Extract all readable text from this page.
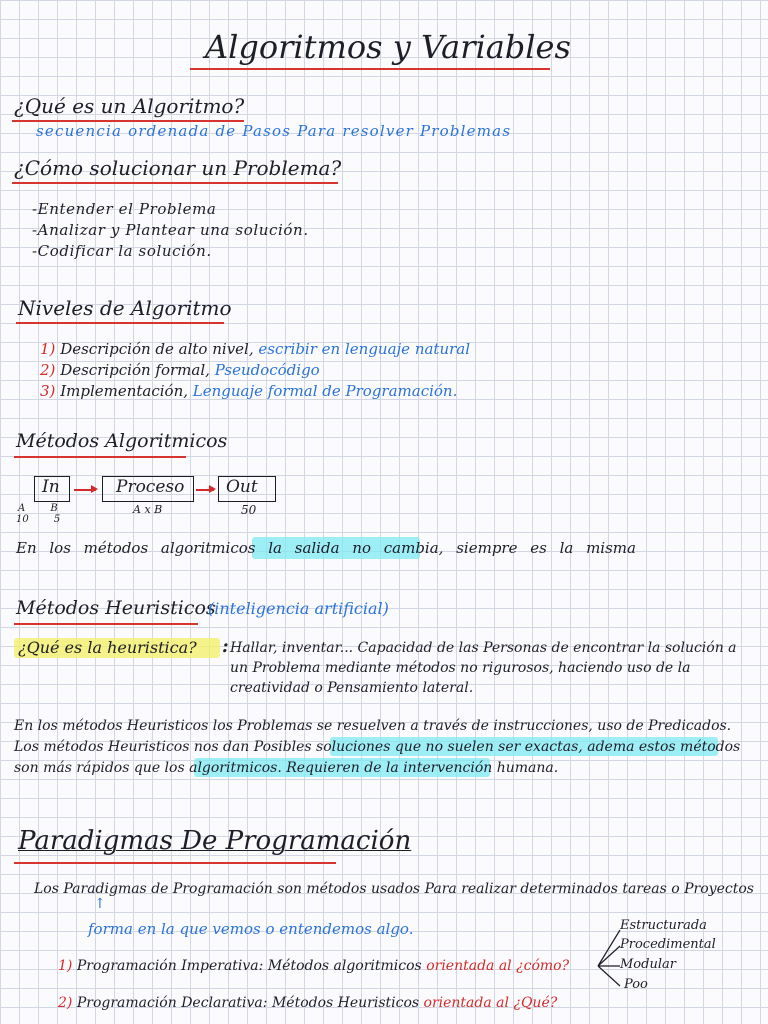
Algoritmos y Variables
¿Qué es un Algoritmo?
secuencia ordenada de Pasos Para resolver Problemas
¿Cómo solucionar un Problema?
-Entender el Problema
-Analizar y Plantear una solución.
-Codificar la solución.
Niveles de Algoritmo
1) Descripción de alto nivel, escribir en lenguaje natural
2) Descripción formal, Pseudocódigo
3) Implementación, Lenguaje formal de Programación.
Métodos Algoritmicos
In	Proceso Out
A B
10 5
A x B	50
En los métodos algoritmicos la salida no cambia, siempre es la misma
Métodos Heuristicos
(inteligencia artificial)
¿Qué es la heuristica? : Hallar, inventar... Capacidad de las Personas de encontrar la solución a un Problema mediante métodos no rigurosos, haciendo uso de la creatividad o Pensamiento lateral.
En los métodos Heuristicos los Problemas se resuelven a través de instrucciones, uso de Predicados. Los métodos Heuristicos nos dan Posibles soluciones que no suelen ser exactas, adema estos métodos son más rápidos que los algoritmicos. Requieren de la intervención humana.
Paradigmas De Programación
Los Paradigmas de Programación son métodos usados Para realizar determinados tareas o Proyectos
↑
forma en la que vemos o entendemos algo.
1) Programación Imperativa: Métodos algoritmicos orientada al ¿cómo?
2) Programación Declarativa: Métodos Heuristicos orientada al ¿Qué?
Estructurada
Procedimental
Modular
Poo
